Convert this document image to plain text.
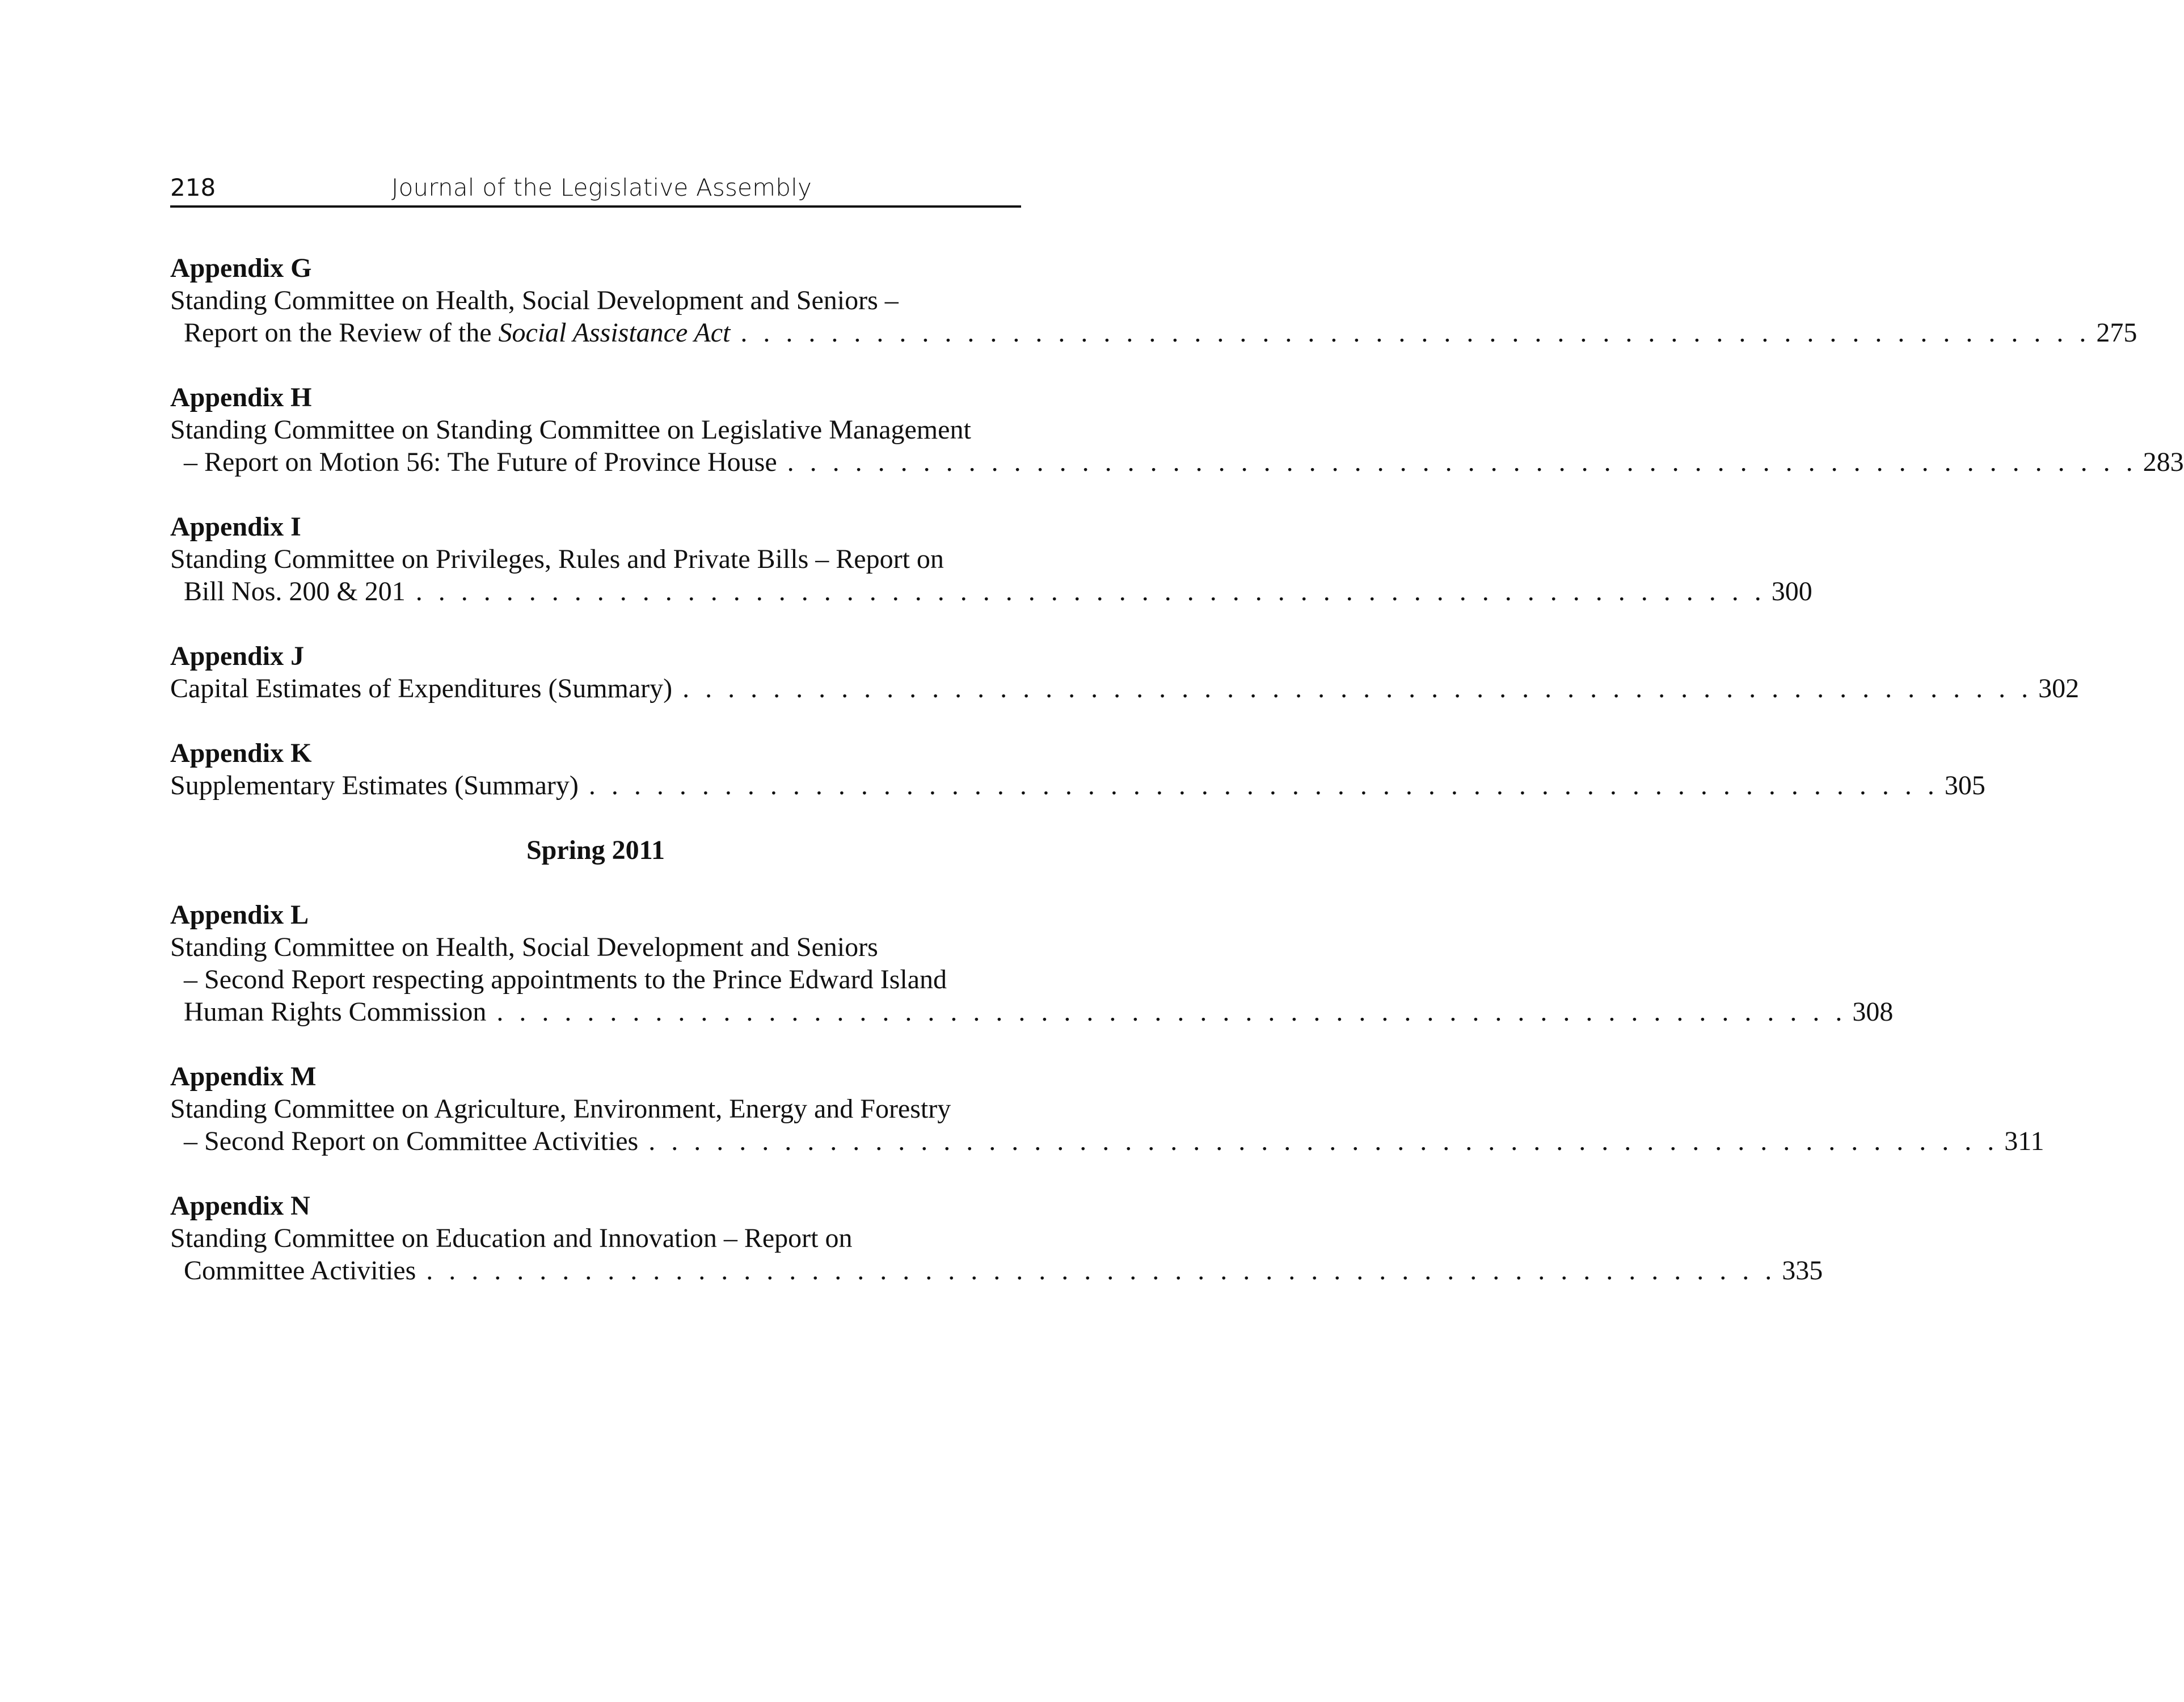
218	Journal of the Legislative Assembly
Appendix G
Standing Committee on Health, Social Development and Seniors –
Report on the Review of the Social Assistance Act . . . . . . . . . . . . . . . . . . . . . . . . . . . . . . . . . . . . . . . . . . . . . . . . . . . . . . . . . . . . 275
Appendix H
Standing Committee on Standing Committee on Legislative Management
– Report on Motion 56: The Future of Province House . . . . . . . . . . . . . . . . . . . . . . . . . . . . . . . . . . . . . . . . . . . . . . . . . . . . . . . . . . . . 283
Appendix I
Standing Committee on Privileges, Rules and Private Bills – Report on
Bill Nos. 200 & 201 . . . . . . . . . . . . . . . . . . . . . . . . . . . . . . . . . . . . . . . . . . . . . . . . . . . . . . . . . . . . 300
Appendix J
Capital Estimates of Expenditures (Summary) . . . . . . . . . . . . . . . . . . . . . . . . . . . . . . . . . . . . . . . . . . . . . . . . . . . . . . . . . . . . 302
Appendix K
Supplementary Estimates (Summary) . . . . . . . . . . . . . . . . . . . . . . . . . . . . . . . . . . . . . . . . . . . . . . . . . . . . . . . . . . . . 305
Spring 2011
Appendix L
Standing Committee on Health, Social Development and Seniors
– Second Report respecting appointments to the Prince Edward Island
Human Rights Commission . . . . . . . . . . . . . . . . . . . . . . . . . . . . . . . . . . . . . . . . . . . . . . . . . . . . . . . . . . . . 308
Appendix M
Standing Committee on Agriculture, Environment, Energy and Forestry
– Second Report on Committee Activities . . . . . . . . . . . . . . . . . . . . . . . . . . . . . . . . . . . . . . . . . . . . . . . . . . . . . . . . . . . . 311
Appendix N
Standing Committee on Education and Innovation – Report on
Committee Activities . . . . . . . . . . . . . . . . . . . . . . . . . . . . . . . . . . . . . . . . . . . . . . . . . . . . . . . . . . . . 335
